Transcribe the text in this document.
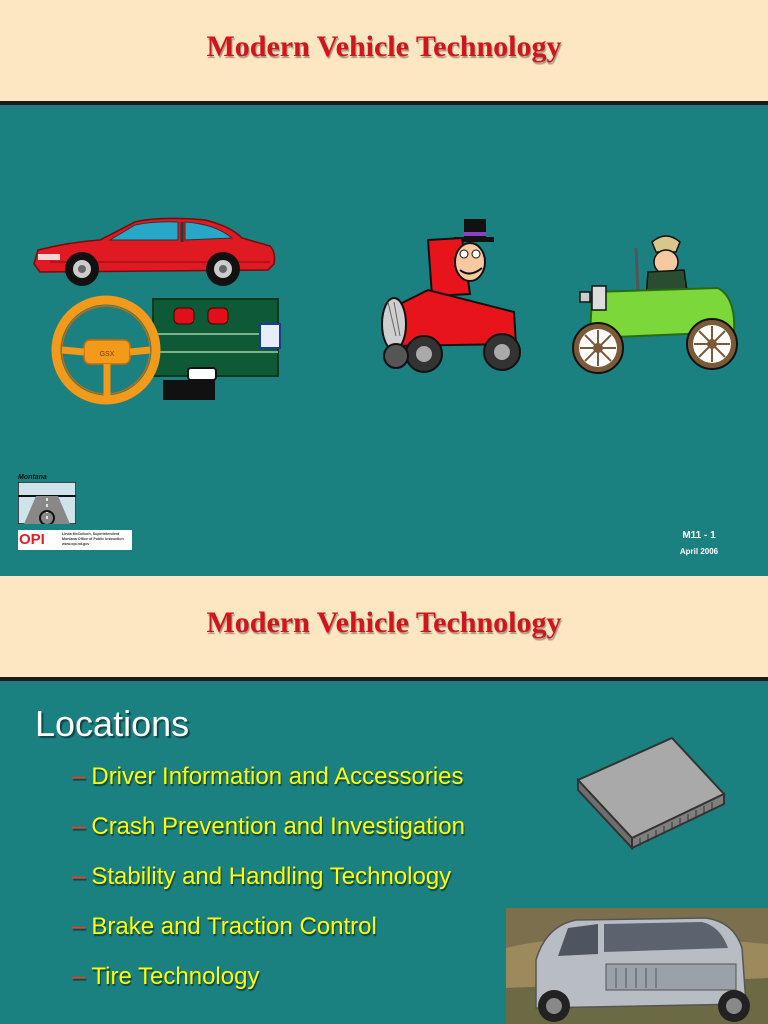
Modern Vehicle Technology
GSX
Montana
OPI	Linda McCulloch, Superintendent
Montana Office of Public Instruction
www.opi.mt.gov
M11 - 1
April 2006
Modern Vehicle Technology
Locations
– Driver Information and Accessories
– Crash Prevention and Investigation
– Stability and Handling Technology
– Brake and Traction Control
– Tire Technology
